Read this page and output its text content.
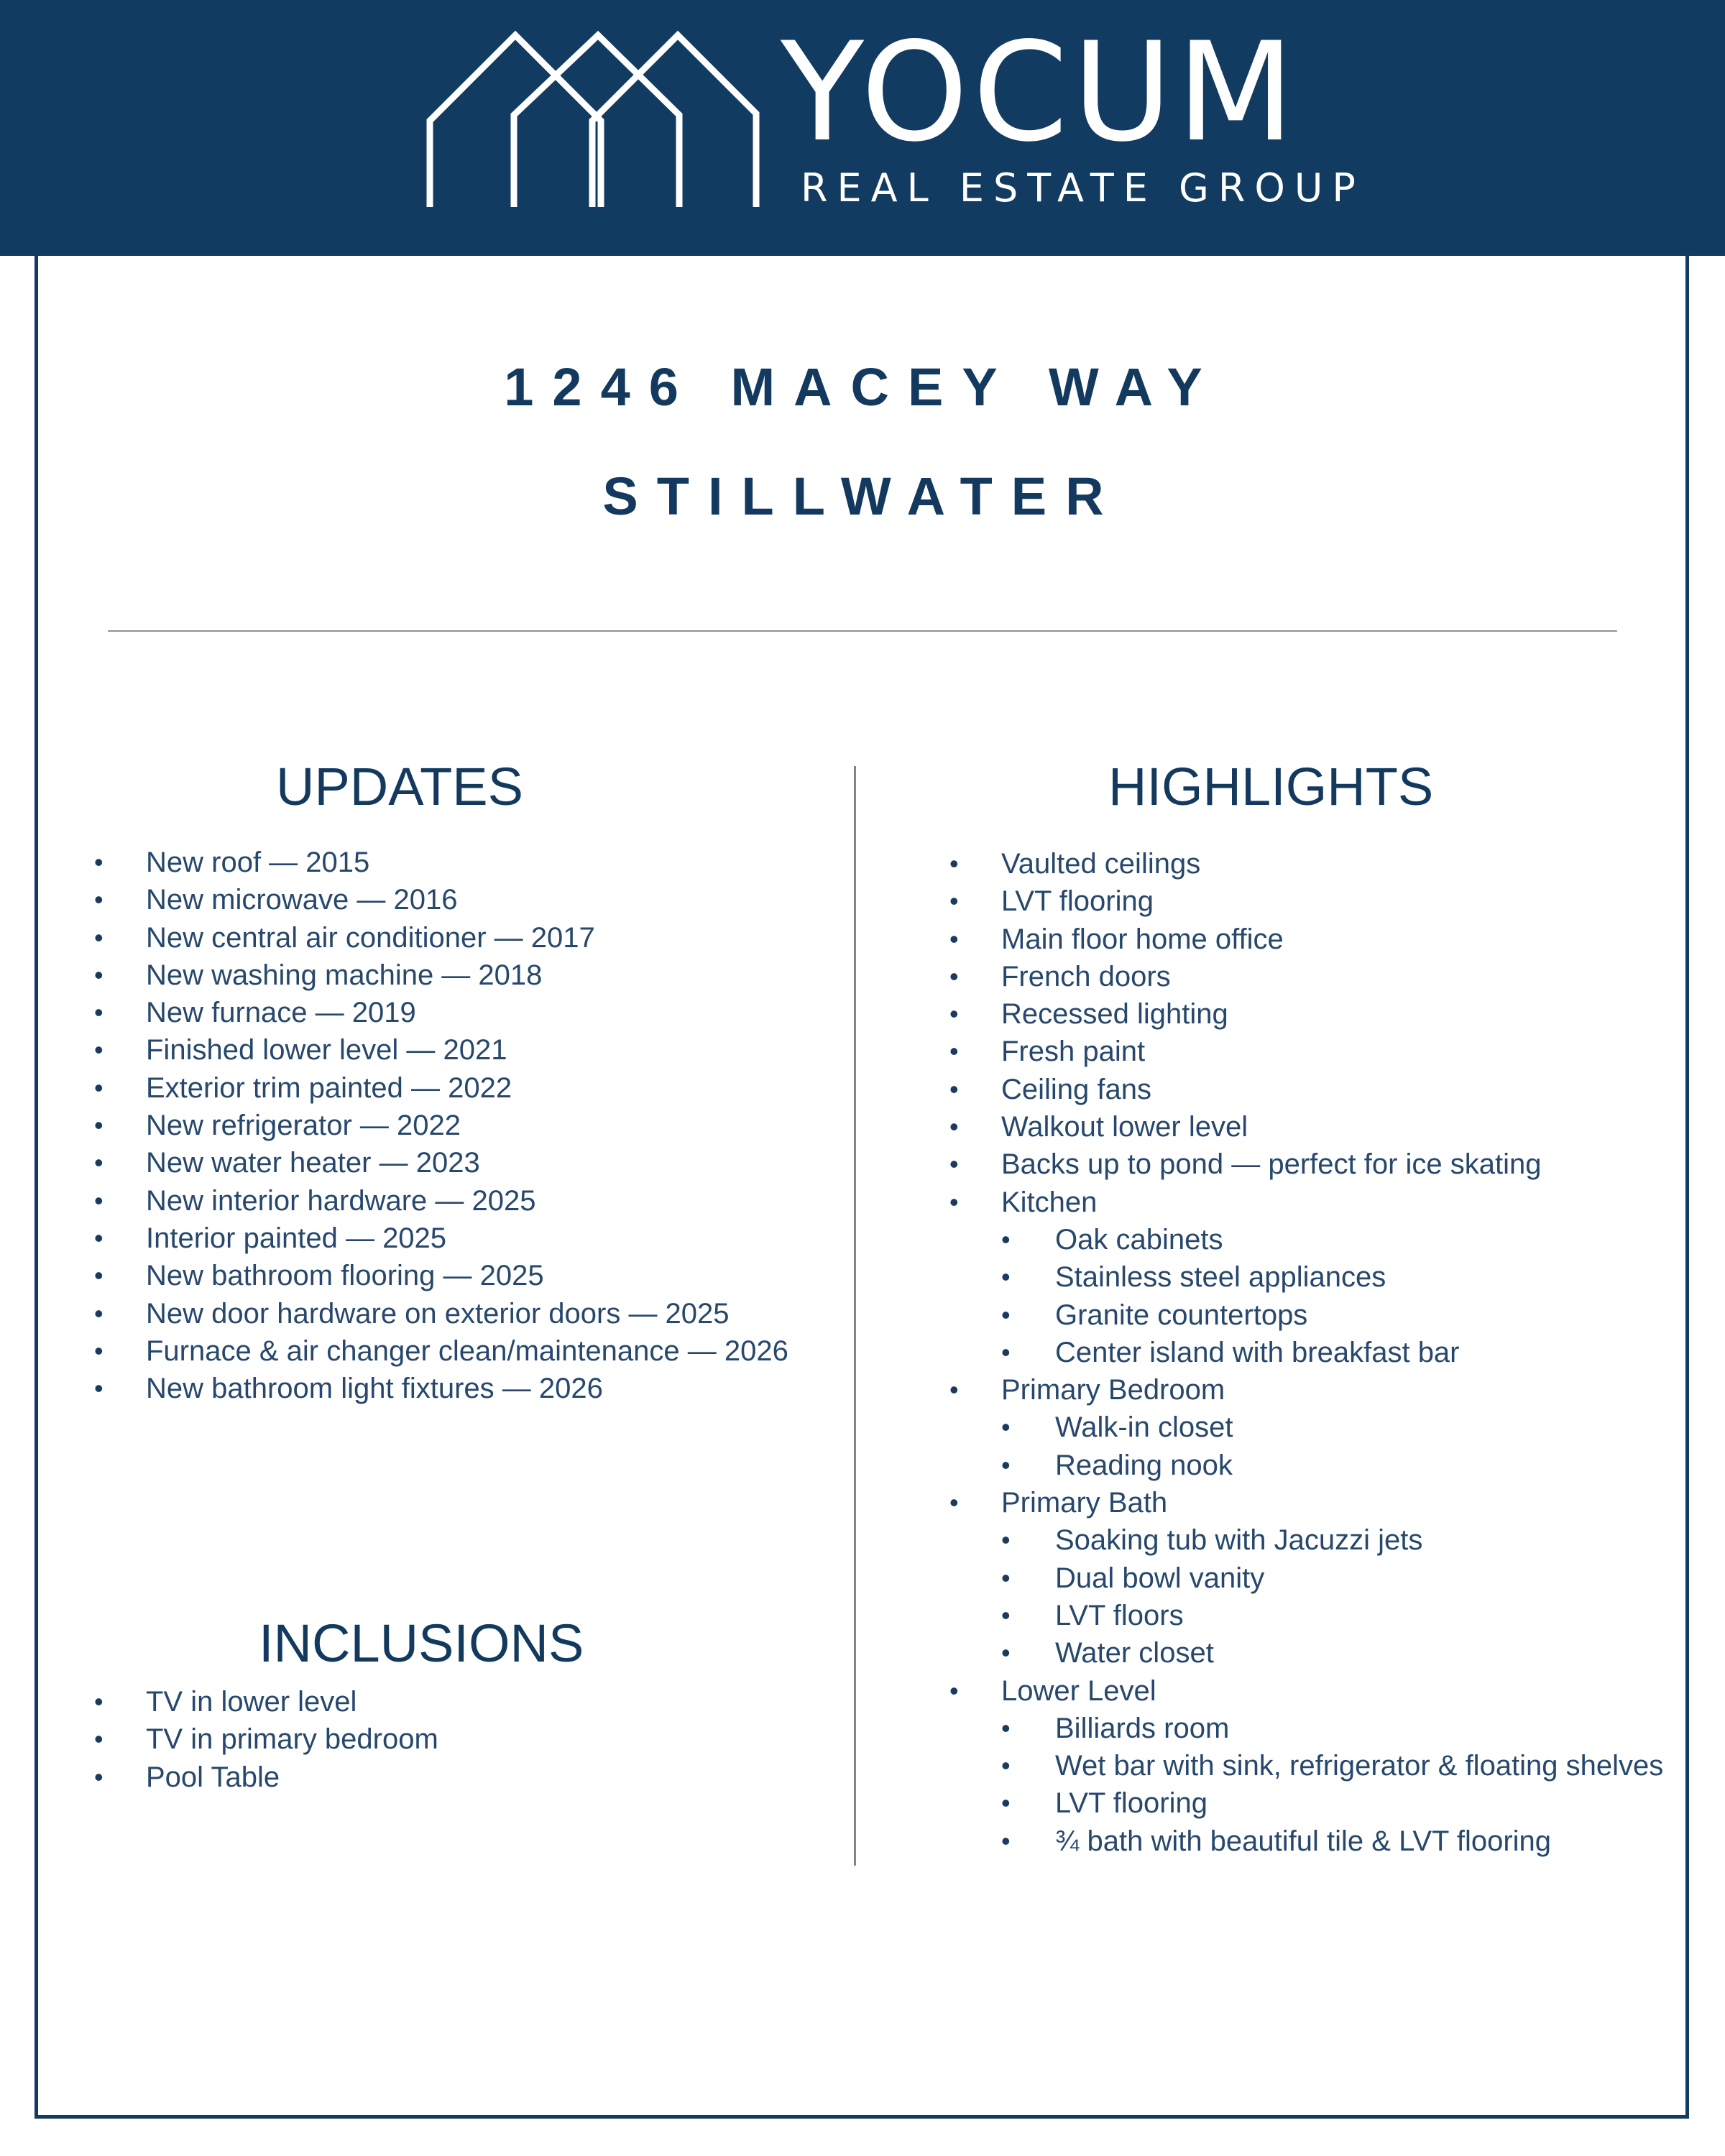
YOCUM
REAL ESTATE GROUP
1246 MACEY WAY
STILLWATER
UPDATES
• New roof — 2015
• New microwave — 2016
• New central air conditioner — 2017
• New washing machine — 2018
• New furnace — 2019
• Finished lower level — 2021
• Exterior trim painted — 2022
• New refrigerator — 2022
• New water heater — 2023
• New interior hardware — 2025
• Interior painted — 2025
• New bathroom flooring — 2025
• New door hardware on exterior doors — 2025
• Furnace & air changer clean/maintenance — 2026
• New bathroom light fixtures — 2026
INCLUSIONS
• TV in lower level
• TV in primary bedroom
• Pool Table
HIGHLIGHTS
• Vaulted ceilings
• LVT flooring
• Main floor home office
• French doors
• Recessed lighting
• Fresh paint
• Ceiling fans
• Walkout lower level
• Backs up to pond — perfect for ice skating
• Kitchen
• Oak cabinets
• Stainless steel appliances
• Granite countertops
• Center island with breakfast bar
• Primary Bedroom
• Walk-in closet
• Reading nook
• Primary Bath
• Soaking tub with Jacuzzi jets
• Dual bowl vanity
• LVT floors
• Water closet
• Lower Level
• Billiards room
• Wet bar with sink, refrigerator & floating shelves
• LVT flooring
• ¾ bath with beautiful tile & LVT flooring
